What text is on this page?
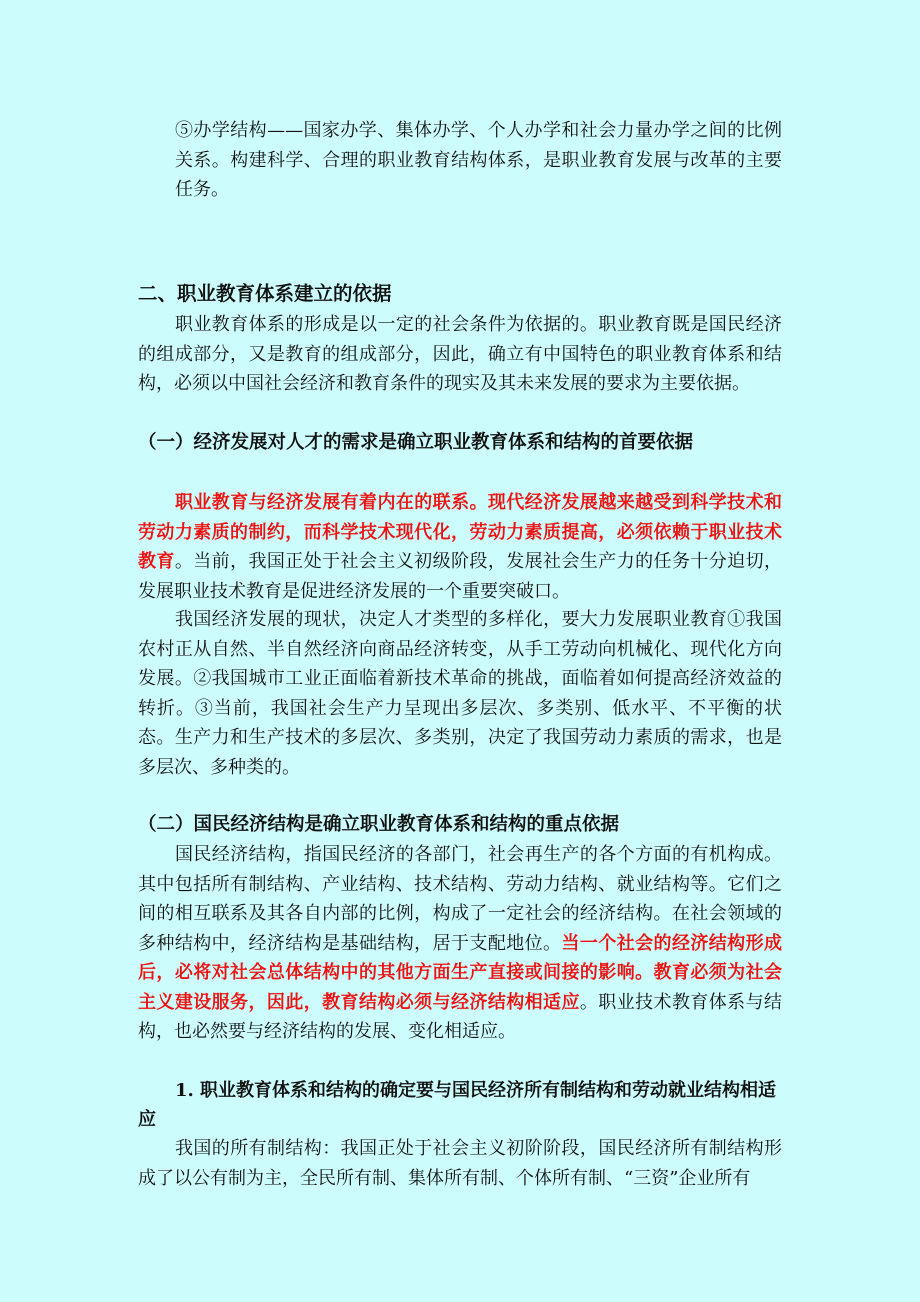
⑤办学结构——国家办学、集体办学、个人办学和社会力量办学之间的比例关系。构建科学、合理的职业教育结构体系，是职业教育发展与改革的主要任务。

二、职业教育体系建立的依据

职业教育体系的形成是以一定的社会条件为依据的。职业教育既是国民经济的组成部分，又是教育的组成部分，因此，确立有中国特色的职业教育体系和结构，必须以中国社会经济和教育条件的现实及其未来发展的要求为主要依据。

（一）经济发展对人才的需求是确立职业教育体系和结构的首要依据

职业教育与经济发展有着内在的联系。现代经济发展越来越受到科学技术和劳动力素质的制约，而科学技术现代化，劳动力素质提高，必须依赖于职业技术教育。当前，我国正处于社会主义初级阶段，发展社会生产力的任务十分迫切，发展职业技术教育是促进经济发展的一个重要突破口。

我国经济发展的现状，决定人才类型的多样化，要大力发展职业教育①我国农村正从自然、半自然经济向商品经济转变，从手工劳动向机械化、现代化方向发展。②我国城市工业正面临着新技术革命的挑战，面临着如何提高经济效益的转折。③当前，我国社会生产力呈现出多层次、多类别、低水平、不平衡的状态。生产力和生产技术的多层次、多类别，决定了我国劳动力素质的需求，也是多层次、多种类的。

（二）国民经济结构是确立职业教育体系和结构的重点依据

国民经济结构，指国民经济的各部门，社会再生产的各个方面的有机构成。其中包括所有制结构、产业结构、技术结构、劳动力结构、就业结构等。它们之间的相互联系及其各自内部的比例，构成了一定社会的经济结构。在社会领域的多种结构中，经济结构是基础结构，居于支配地位。当一个社会的经济结构形成后，必将对社会总体结构中的其他方面生产直接或间接的影响。教育必须为社会主义建设服务，因此，教育结构必须与经济结构相适应。职业技术教育体系与结构，也必然要与经济结构的发展、变化相适应。

1. 职业教育体系和结构的确定要与国民经济所有制结构和劳动就业结构相适应

我国的所有制结构：我国正处于社会主义初阶阶段，国民经济所有制结构形成了以公有制为主，全民所有制、集体所有制、个体所有制、“三资”企业所有
